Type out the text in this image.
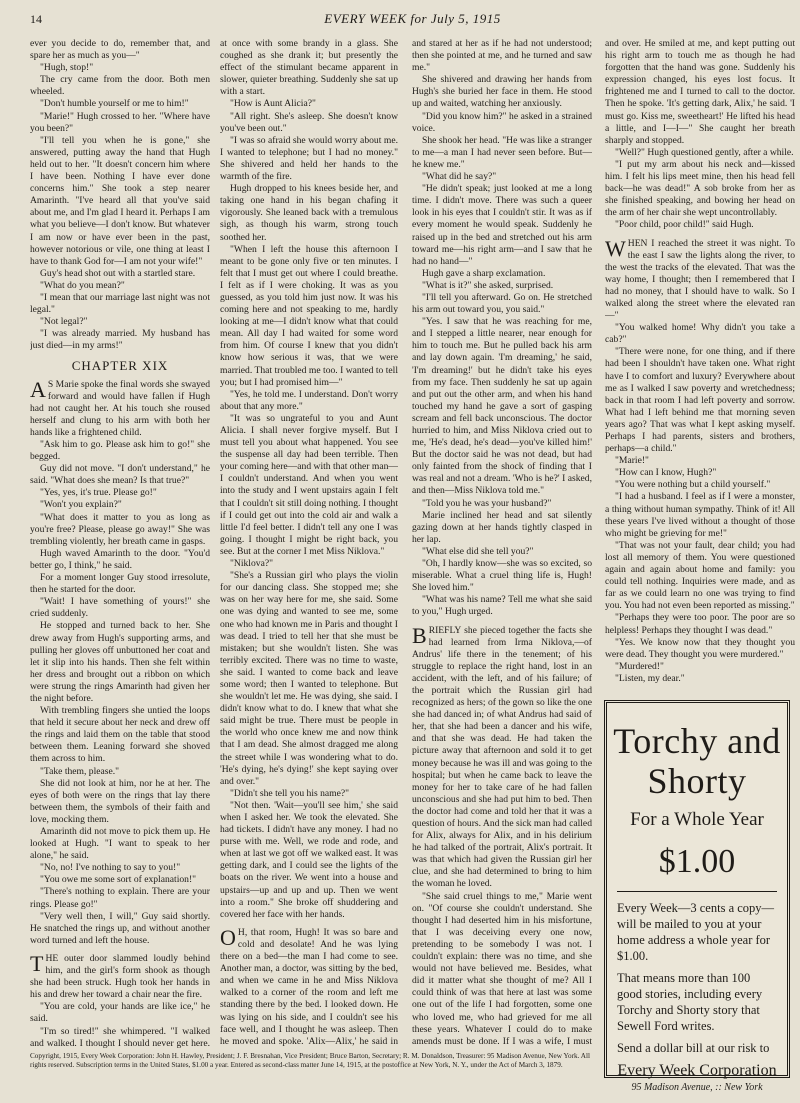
14	EVERY WEEK for July 5, 1915

ever you decide to do, remember that, and spare her as much as you—"

"Hugh, stop!"

The cry came from the door. Both men wheeled.

"Don't humble yourself or me to him!"

"Marie!" Hugh crossed to her. "Where have you been?"

"I'll tell you when he is gone," she answered, putting away the hand that Hugh held out to her. "It doesn't concern him where I have been. Nothing I have ever done concerns him." She took a step nearer Amarinth. "I've heard all that you've said about me, and I'm glad I heard it. Perhaps I am what you believe—I don't know. But whatever I am now or have ever been in the past, however notorious or vile, one thing at least I have to thank God for—I am not your wife!"

Guy's head shot out with a startled stare.

"What do you mean?"

"I mean that our marriage last night was not legal."

"Not legal?"

"I was already married. My husband has just died—in my arms!"

CHAPTER XIX

A S Marie spoke the final words she swayed forward and would have fallen if Hugh had not caught her. At his touch she roused herself and clung to his arm with both her hands like a frightened child.

"Ask him to go. Please ask him to go!" she begged.

Guy did not move. "I don't understand," he said. "What does she mean? Is that true?"

"Yes, yes, it's true. Please go!"

"Won't you explain?"

"What does it matter to you as long as you're free? Please, please go away!" She was trembling violently, her breath came in gasps.

Hugh waved Amarinth to the door. "You'd better go, I think," he said.

For a moment longer Guy stood irresolute, then he started for the door.

"Wait! I have something of yours!" she cried suddenly.

He stopped and turned back to her. She drew away from Hugh's supporting arms, and pulling her gloves off unbuttoned her coat and let it slip into his hands. Then she felt within her dress and brought out a ribbon on which were strung the rings Amarinth had given her the night before.

With trembling fingers she untied the loops that held it secure about her neck and drew off the rings and laid them on the table that stood between them. Leaning forward she shoved them across to him.

"Take them, please."

She did not look at him, nor he at her. The eyes of both were on the rings that lay there between them, the symbols of their faith and love, mocking them.

Amarinth did not move to pick them up. He looked at Hugh. "I want to speak to her alone," he said.

"No, no! I've nothing to say to you!"

"You owe me some sort of explanation!"

"There's nothing to explain. There are your rings. Please go!"

"Very well then, I will," Guy said shortly. He snatched the rings up, and without another word turned and left the house.

THE outer door slammed loudly behind him, and the girl's form shook as though she had been struck. Hugh took her hands in his and drew her toward a chair near the fire.

"You are cold, your hands are like ice," he said.

"I'm so tired!" she whimpered. "I walked and walked. I thought I should never get here.

at once with some brandy in a glass. She coughed as she drank it; but presently the effect of the stimulant became apparent in slower, quieter breathing. Suddenly she sat up with a start.

"How is Aunt Alicia?"

"All right. She's asleep. She doesn't know you've been out."

"I was so afraid she would worry about me. I wanted to telephone; but I had no money." She shivered and held her hands to the warmth of the fire.

Hugh dropped to his knees beside her, and taking one hand in his began chafing it vigorously. She leaned back with a tremulous sigh, as though his warm, strong touch soothed her.

"When I left the house this afternoon I meant to be gone only five or ten minutes. I felt that I must get out where I could breathe. I felt as if I were choking. It was as you guessed, as you told him just now. It was his coming here and not speaking to me, hardly looking at me—I didn't know what that could mean. All day I had waited for some word from him. Of course I knew that you didn't know how serious it was, that we were married. That troubled me too. I wanted to tell you; but I had promised him—"

"Yes, he told me. I understand. Don't worry about that any more."

"It was so ungrateful to you and Aunt Alicia. I shall never forgive myself. But I must tell you about what happened. You see the suspense all day had been terrible. Then your coming here—and with that other man—I couldn't understand. And when you went into the study and I went upstairs again I felt that I couldn't sit still doing nothing. I thought if I could get out into the cold air and walk a little I'd feel better. I didn't tell any one I was going. I thought I might be right back, you see. But at the corner I met Miss Niklova."

"Niklova?"

"She's a Russian girl who plays the violin for our dancing class. She stopped me; she was on her way here for me, she said. Some one was dying and wanted to see me, some one who had known me in Paris and thought I was dead. I tried to tell her that she must be mistaken; but she wouldn't listen. She was terribly excited. There was no time to waste, she said. I wanted to come back and leave some word; then I wanted to telephone. But she wouldn't let me. He was dying, she said. I didn't know what to do. I knew that what she said might be true. There must be people in the world who once knew me and now think that I am dead. She almost dragged me along the street while I was wondering what to do. 'He's dying, he's dying!' she kept saying over and over."

"Didn't she tell you his name?"

"Not then. 'Wait—you'll see him,' she said when I asked her. We took the elevated. She had tickets. I didn't have any money. I had no purse with me. Well, we rode and rode, and when at last we got off we walked east. It was getting dark, and I could see the lights of the boats on the river. We went into a house and upstairs—up and up and up. Then we went into a room." She broke off shuddering and covered her face with her hands.

O H, that room, Hugh! It was so bare and cold and desolate! And he was lying there on a bed—the man I had come to see. Another man, a doctor, was sitting by the bed, and when we came in he and Miss Niklova walked to a corner of the room and left me standing there by the bed. I looked down. He was lying on his side, and I couldn't see his face well, and I thought he was asleep. Then he moved and spoke. 'Alix—Alix,' he said in

and stared at her as if he had not understood; then she pointed at me, and he turned and saw me."

She shivered and drawing her hands from Hugh's she buried her face in them. He stood up and waited, watching her anxiously.

"Did you know him?" he asked in a strained voice.

She shook her head. "He was like a stranger to me—a man I had never seen before. But—he knew me."

"What did he say?"

"He didn't speak; just looked at me a long time. I didn't move. There was such a queer look in his eyes that I couldn't stir. It was as if every moment he would speak. Suddenly he raised up in the bed and stretched out his arm toward me—his right arm—and I saw that he had no hand—"

Hugh gave a sharp exclamation.

"What is it?" she asked, surprised.

"I'll tell you afterward. Go on. He stretched his arm out toward you, you said."

"Yes. I saw that he was reaching for me, and I stepped a little nearer, near enough for him to touch me. But he pulled back his arm and lay down again. 'I'm dreaming,' he said, 'I'm dreaming!' but he didn't take his eyes from my face. Then suddenly he sat up again and put out the other arm, and when his hand touched my hand he gave a sort of gasping scream and fell back unconscious. The doctor hurried to him, and Miss Niklova cried out to me, 'He's dead, he's dead—you've killed him!' But the doctor said he was not dead, but had only fainted from the shock of finding that I was real and not a dream. 'Who is he?' I asked, and then—Miss Niklova told me."

"Told you he was your husband?"

Marie inclined her head and sat silently gazing down at her hands tightly clasped in her lap.

"What else did she tell you?"

"Oh, I hardly know—she was so excited, so miserable. What a cruel thing life is, Hugh! She loved him."

"What was his name? Tell me what she said to you," Hugh urged.

BRIEFLY she pieced together the facts she had learned from Irma Niklova,—of Andrus' life there in the tenement; of his struggle to replace the right hand, lost in an accident, with the left, and of his failure; of the portrait which the Russian girl had recognized as hers; of the gown so like the one she had danced in; of what Andrus had said of her, that she had been a dancer and his wife, and that she was dead. He had taken the picture away that afternoon and sold it to get money because he was ill and was going to the hospital; but when he came back to leave the money for her to take care of he had fallen unconscious and she had put him to bed. Then the doctor had come and told her that it was a question of hours. And the sick man had called for Alix, always for Alix, and in his delirium he had talked of the portrait, Alix's portrait. It was that which had given the Russian girl her clue, and she had determined to bring to him the woman he loved.

"She said cruel things to me," Marie went on. "Of course she couldn't understand. She thought I had deserted him in his misfortune, that I was deceiving every one now, pretending to be somebody I was not. I couldn't explain: there was no time, and she would not have believed me. Besides, what did it matter what she thought of me? All I could think of was that here at last was some one out of the life I had forgotten, some one who loved me, who had grieved for me all these years. Whatever I could do to make amends must be done. If I was a wife, I must

and over. He smiled at me, and kept putting out his right arm to touch me as though he had forgotten that the hand was gone. Suddenly his expression changed, his eyes lost focus. It frightened me and I turned to call to the doctor. Then he spoke. 'It's getting dark, Alix,' he said. 'I must go. Kiss me, sweetheart!' He lifted his head a little, and I—I—" She caught her breath sharply and stopped.

"Well?" Hugh questioned gently, after a while.

"I put my arm about his neck and—kissed him. I felt his lips meet mine, then his head fell back—he was dead!" A sob broke from her as she finished speaking, and bowing her head on the arm of her chair she wept uncontrollably.

"Poor child, poor child!" said Hugh.

WHEN I reached the street it was night. To the east I saw the lights along the river, to the west the tracks of the elevated. That was the way home, I thought; then I remembered that I had no money, that I should have to walk. So I walked along the street where the elevated ran—"

"You walked home! Why didn't you take a cab?"

"There were none, for one thing, and if there had been I shouldn't have taken one. What right have I to comfort and luxury? Everywhere about me as I walked I saw poverty and wretchedness; back in that room I had left poverty and sorrow. What had I left behind me that morning seven years ago? That was what I kept asking myself. Perhaps I had parents, sisters and brothers, perhaps—a child."

"Marie!"

"How can I know, Hugh?"

"You were nothing but a child yourself."

"I had a husband. I feel as if I were a monster, a thing without human sympathy. Think of it! All these years I've lived without a thought of those who might be grieving for me!"

"That was not your fault, dear child; you had lost all memory of them. You were questioned again and again about home and family: you could tell nothing. Inquiries were made, and as far as we could learn no one was trying to find you. You had not even been reported as missing."

"Perhaps they were too poor. The poor are so helpless! Perhaps they thought I was dead."

"Yes. We know now that they thought you were dead. They thought you were murdered."

"Murdered!"

"Listen, my dear."

Torchy and
Shorty
For a Whole Year
$1.00

Every Week—3 cents a copy—will be mailed to you at your home address a whole year for $1.00.

That means more than 100 good stories, including every Torchy and Shorty story that Sewell Ford writes.

Send a dollar bill at our risk to

Every Week Corporation
95 Madison Avenue, :: New York
Copyright, 1915, Every Week Corporation: John H. Hawley, President; J. F. Bresnahan, Vice President; Bruce Barton, Secretary; R. M. Donaldson, Treasurer: 95 Madison Avenue, New York. All rights reserved. Subscription terms in the United States, $1.00 a year. Entered as second-class matter June 14, 1915, at the postoffice at New York, N. Y., under the Act of March 3, 1879.
